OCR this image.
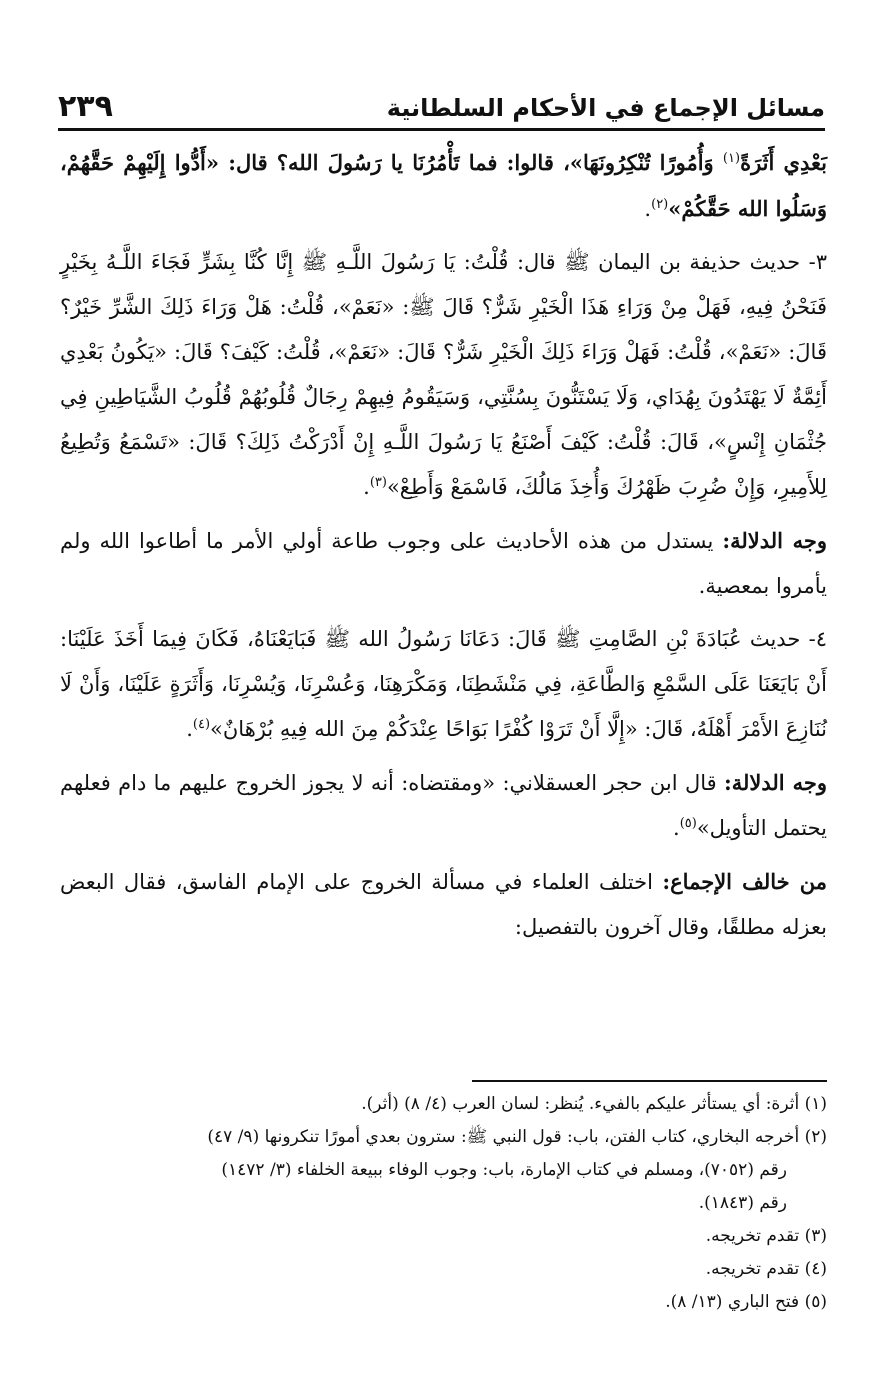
مسائل الإجماع في الأحكام السلطانية
٢٣٩

بَعْدِي أَثَرَةً$^{(١)}$ وَأُمُورًا تُنْكِرُونَهَا»، قالوا: فما تَأْمُرُنَا يا رَسُولَ الله؟ قال: «أَدُّوا إِلَيْهِمْ حَقَّهُمْ، وَسَلُوا الله حَقَّكُمْ»$^{(٢)}$.

٣- حديث حذيفة بن اليمان ﷺ قال: قُلْتُ: يَا رَسُولَ اللَّـهِ ﷺ إِنَّا كُنَّا بِشَرٍّ فَجَاءَ اللَّـهُ بِخَيْرٍ فَنَحْنُ فِيهِ، فَهَلْ مِنْ وَرَاءِ هَذَا الْخَيْرِ شَرٌّ؟ قَالَ ﷺ: «نَعَمْ»، قُلْتُ: هَلْ وَرَاءَ ذَلِكَ الشَّرِّ خَيْرٌ؟ قَالَ: «نَعَمْ»، قُلْتُ: فَهَلْ وَرَاءَ ذَلِكَ الْخَيْرِ شَرٌّ؟ قَالَ: «نَعَمْ»، قُلْتُ: كَيْفَ؟ قَالَ: «يَكُونُ بَعْدِي أَئِمَّةٌ لَا يَهْتَدُونَ بِهُدَاي، وَلَا يَسْتَنُّونَ بِسُنَّتِي، وَسَيَقُومُ فِيهِمْ رِجَالٌ قُلُوبُهُمْ قُلُوبُ الشَّيَاطِينِ فِي جُثْمَانِ إِنْسٍ»، قَالَ: قُلْتُ: كَيْفَ أَصْنَعُ يَا رَسُولَ اللَّـهِ إِنْ أَدْرَكْتُ ذَلِكَ؟ قَالَ: «تَسْمَعُ وَتُطِيعُ لِلأَمِيرِ، وَإِنْ ضُرِبَ ظَهْرُكَ وَأُخِذَ مَالُكَ، فَاسْمَعْ وَأَطِعْ»$^{(٣)}$.

وجه الدلالة: يستدل من هذه الأحاديث على وجوب طاعة أولي الأمر ما أطاعوا الله ولم يأمروا بمعصية.

٤- حديث عُبَادَةَ بْنِ الصَّامِتِ ﷺ قَالَ: دَعَانَا رَسُولُ الله ﷺ فَبَايَعْنَاهُ، فَكَانَ فِيمَا أَخَذَ عَلَيْنَا: أَنْ بَايَعَنَا عَلَى السَّمْعِ وَالطَّاعَةِ، فِي مَنْشَطِنَا، وَمَكْرَهِنَا، وَعُسْرِنَا، وَيُسْرِنَا، وَأَثَرَةٍ عَلَيْنَا، وَأَنْ لَا نُنَازِعَ الأَمْرَ أَهْلَهُ، قَالَ: «إِلَّا أَنْ تَرَوْا كُفْرًا بَوَاحًا عِنْدَكُمْ مِنَ الله فِيهِ بُرْهَانٌ»$^{(٤)}$.

وجه الدلالة: قال ابن حجر العسقلاني: «ومقتضاه: أنه لا يجوز الخروج عليهم ما دام فعلهم يحتمل التأويل»$^{(٥)}$.

من خالف الإجماع: اختلف العلماء في مسألة الخروج على الإمام الفاسق، فقال البعض بعزله مطلقًا، وقال آخرون بالتفصيل:

(١) أثرة: أي يستأثر عليكم بالفيء. يُنظر: لسان العرب (٤/ ٨) (أثر).

(٢) أخرجه البخاري، كتاب الفتن، باب: قول النبي ﷺ: سترون بعدي أمورًا تنكرونها (٩/ ٤٧)

رقم (٧٠٥٢)، ومسلم في كتاب الإمارة، باب: وجوب الوفاء ببيعة الخلفاء (٣/ ١٤٧٢)

رقم (١٨٤٣).

(٣) تقدم تخريجه.

(٤) تقدم تخريجه.

(٥) فتح الباري (١٣/ ٨).
